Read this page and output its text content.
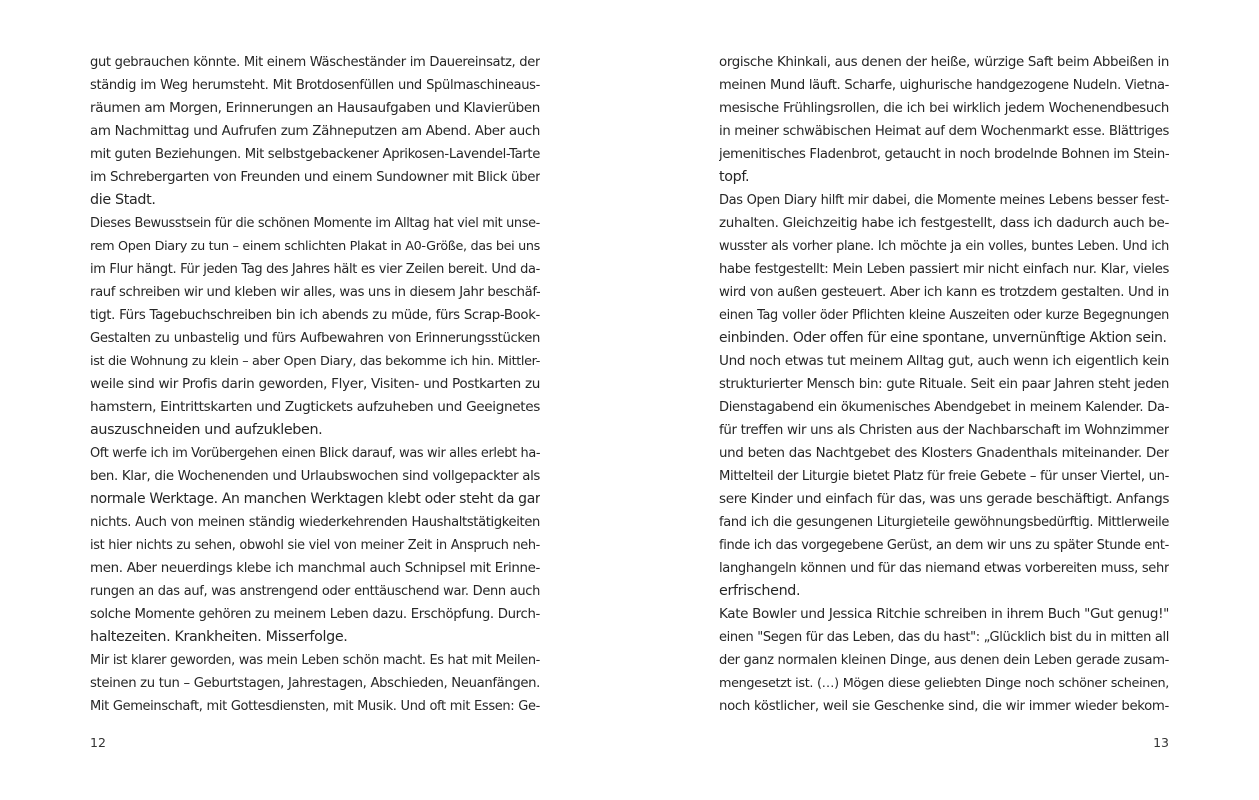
gut gebrauchen könnte. Mit einem Wäscheständer im Dauereinsatz, der
ständig im Weg herumsteht. Mit Brotdosenfüllen und Spülmaschineaus-
räumen am Morgen, Erinnerungen an Hausaufgaben und Klavierüben
am Nachmittag und Aufrufen zum Zähneputzen am Abend. Aber auch
mit guten Beziehungen. Mit selbstgebackener Aprikosen-Lavendel-Tarte
im Schrebergarten von Freunden und einem Sundowner mit Blick über
die Stadt.
Dieses Bewusstsein für die schönen Momente im Alltag hat viel mit unse-
rem Open Diary zu tun – einem schlichten Plakat in A0-Größe, das bei uns
im Flur hängt. Für jeden Tag des Jahres hält es vier Zeilen bereit. Und da-
rauf schreiben wir und kleben wir alles, was uns in diesem Jahr beschäf-
tigt. Fürs Tagebuchschreiben bin ich abends zu müde, fürs Scrap-Book-
Gestalten zu unbastelig und fürs Aufbewahren von Erinnerungsstücken
ist die Wohnung zu klein – aber Open Diary, das bekomme ich hin. Mittler-
weile sind wir Profis darin geworden, Flyer, Visiten- und Postkarten zu
hamstern, Eintrittskarten und Zugtickets aufzuheben und Geeignetes
auszuschneiden und aufzukleben.
Oft werfe ich im Vorübergehen einen Blick darauf, was wir alles erlebt ha-
ben. Klar, die Wochenenden und Urlaubswochen sind vollgepackter als
normale Werktage. An manchen Werktagen klebt oder steht da gar
nichts. Auch von meinen ständig wiederkehrenden Haushaltstätigkeiten
ist hier nichts zu sehen, obwohl sie viel von meiner Zeit in Anspruch neh-
men. Aber neuerdings klebe ich manchmal auch Schnipsel mit Erinne-
rungen an das auf, was anstrengend oder enttäuschend war. Denn auch
solche Momente gehören zu meinem Leben dazu. Erschöpfung. Durch-
haltezeiten. Krankheiten. Misserfolge.
Mir ist klarer geworden, was mein Leben schön macht. Es hat mit Meilen-
steinen zu tun – Geburtstagen, Jahrestagen, Abschieden, Neuanfängen.
Mit Gemeinschaft, mit Gottesdiensten, mit Musik. Und oft mit Essen: Ge-
12
orgische Khinkali, aus denen der heiße, würzige Saft beim Abbeißen in
meinen Mund läuft. Scharfe, uighurische handgezogene Nudeln. Vietna-
mesische Frühlingsrollen, die ich bei wirklich jedem Wochenendbesuch
in meiner schwäbischen Heimat auf dem Wochenmarkt esse. Blättriges
jemenitisches Fladenbrot, getaucht in noch brodelnde Bohnen im Stein-
topf.
Das Open Diary hilft mir dabei, die Momente meines Lebens besser fest-
zuhalten. Gleichzeitig habe ich festgestellt, dass ich dadurch auch be-
wusster als vorher plane. Ich möchte ja ein volles, buntes Leben. Und ich
habe festgestellt: Mein Leben passiert mir nicht einfach nur. Klar, vieles
wird von außen gesteuert. Aber ich kann es trotzdem gestalten. Und in
einen Tag voller öder Pflichten kleine Auszeiten oder kurze Begegnungen
einbinden. Oder offen für eine spontane, unvernünftige Aktion sein.
Und noch etwas tut meinem Alltag gut, auch wenn ich eigentlich kein
strukturierter Mensch bin: gute Rituale. Seit ein paar Jahren steht jeden
Dienstagabend ein ökumenisches Abendgebet in meinem Kalender. Da-
für treffen wir uns als Christen aus der Nachbarschaft im Wohnzimmer
und beten das Nachtgebet des Klosters Gnadenthals miteinander. Der
Mittelteil der Liturgie bietet Platz für freie Gebete – für unser Viertel, un-
sere Kinder und einfach für das, was uns gerade beschäftigt. Anfangs
fand ich die gesungenen Liturgieteile gewöhnungsbedürftig. Mittlerweile
finde ich das vorgegebene Gerüst, an dem wir uns zu später Stunde ent-
langhangeln können und für das niemand etwas vorbereiten muss, sehr
erfrischend.
Kate Bowler und Jessica Ritchie schreiben in ihrem Buch "Gut genug!"
einen "Segen für das Leben, das du hast": „Glücklich bist du in mitten all
der ganz normalen kleinen Dinge, aus denen dein Leben gerade zusam-
mengesetzt ist. (…) Mögen diese geliebten Dinge noch schöner scheinen,
noch köstlicher, weil sie Geschenke sind, die wir immer wieder bekom-
13
